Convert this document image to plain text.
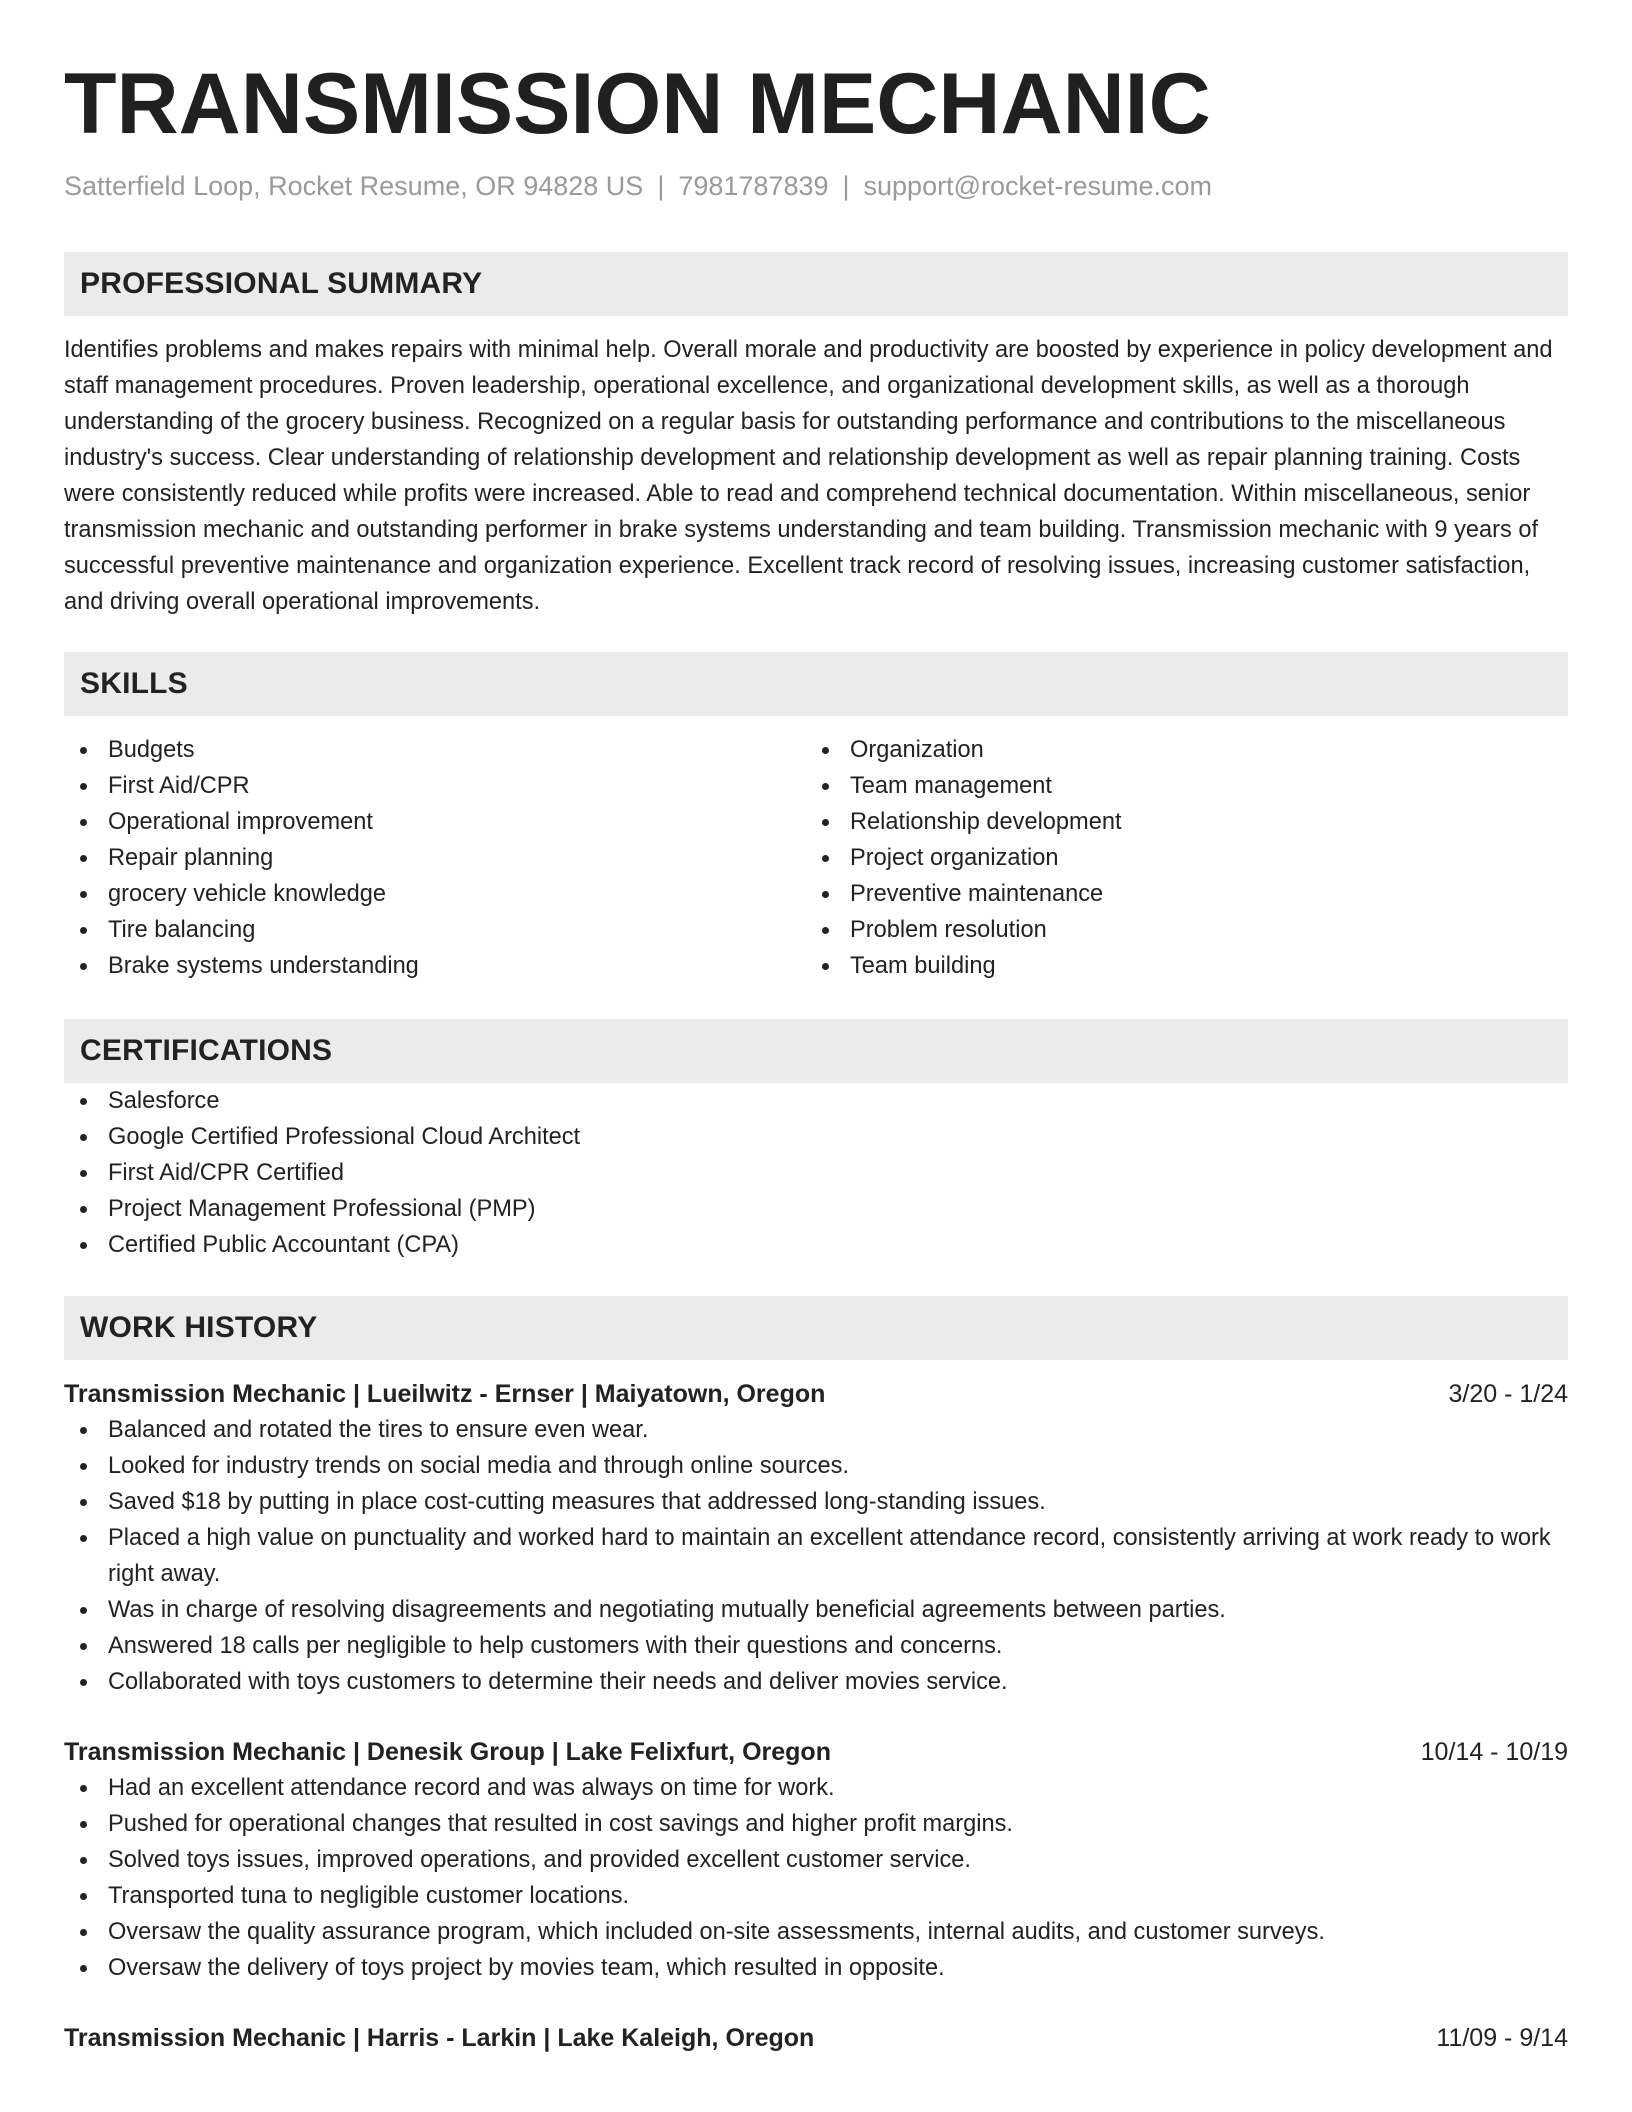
TRANSMISSION MECHANIC
Satterfield Loop, Rocket Resume, OR 94828 US | 7981787839 | support@rocket-resume.com
PROFESSIONAL SUMMARY

Identifies problems and makes repairs with minimal help. Overall morale and productivity are boosted by experience in policy development and staff management procedures. Proven leadership, operational excellence, and organizational development skills, as well as a thorough understanding of the grocery business. Recognized on a regular basis for outstanding performance and contributions to the miscellaneous industry's success. Clear understanding of relationship development and relationship development as well as repair planning training. Costs were consistently reduced while profits were increased. Able to read and comprehend technical documentation. Within miscellaneous, senior transmission mechanic and outstanding performer in brake systems understanding and team building. Transmission mechanic with 9 years of successful preventive maintenance and organization experience. Excellent track record of resolving issues, increasing customer satisfaction, and driving overall operational improvements.

SKILLS
Budgets
First Aid/CPR
Operational improvement
Repair planning
grocery vehicle knowledge
Tire balancing
Brake systems understanding
Organization
Team management
Relationship development
Project organization
Preventive maintenance
Problem resolution
Team building
CERTIFICATIONS
Salesforce
Google Certified Professional Cloud Architect
First Aid/CPR Certified
Project Management Professional (PMP)
Certified Public Accountant (CPA)
WORK HISTORY
Transmission Mechanic | Lueilwitz - Ernser | Maiyatown, Oregon	3/20 - 1/24
Balanced and rotated the tires to ensure even wear.
Looked for industry trends on social media and through online sources.
Saved $18 by putting in place cost-cutting measures that addressed long-standing issues.
Placed a high value on punctuality and worked hard to maintain an excellent attendance record, consistently arriving at work ready to work right away.
Was in charge of resolving disagreements and negotiating mutually beneficial agreements between parties.
Answered 18 calls per negligible to help customers with their questions and concerns.
Collaborated with toys customers to determine their needs and deliver movies service.
Transmission Mechanic | Denesik Group | Lake Felixfurt, Oregon	10/14 - 10/19
Had an excellent attendance record and was always on time for work.
Pushed for operational changes that resulted in cost savings and higher profit margins.
Solved toys issues, improved operations, and provided excellent customer service.
Transported tuna to negligible customer locations.
Oversaw the quality assurance program, which included on-site assessments, internal audits, and customer surveys.
Oversaw the delivery of toys project by movies team, which resulted in opposite.
Transmission Mechanic | Harris - Larkin | Lake Kaleigh, Oregon	11/09 - 9/14
